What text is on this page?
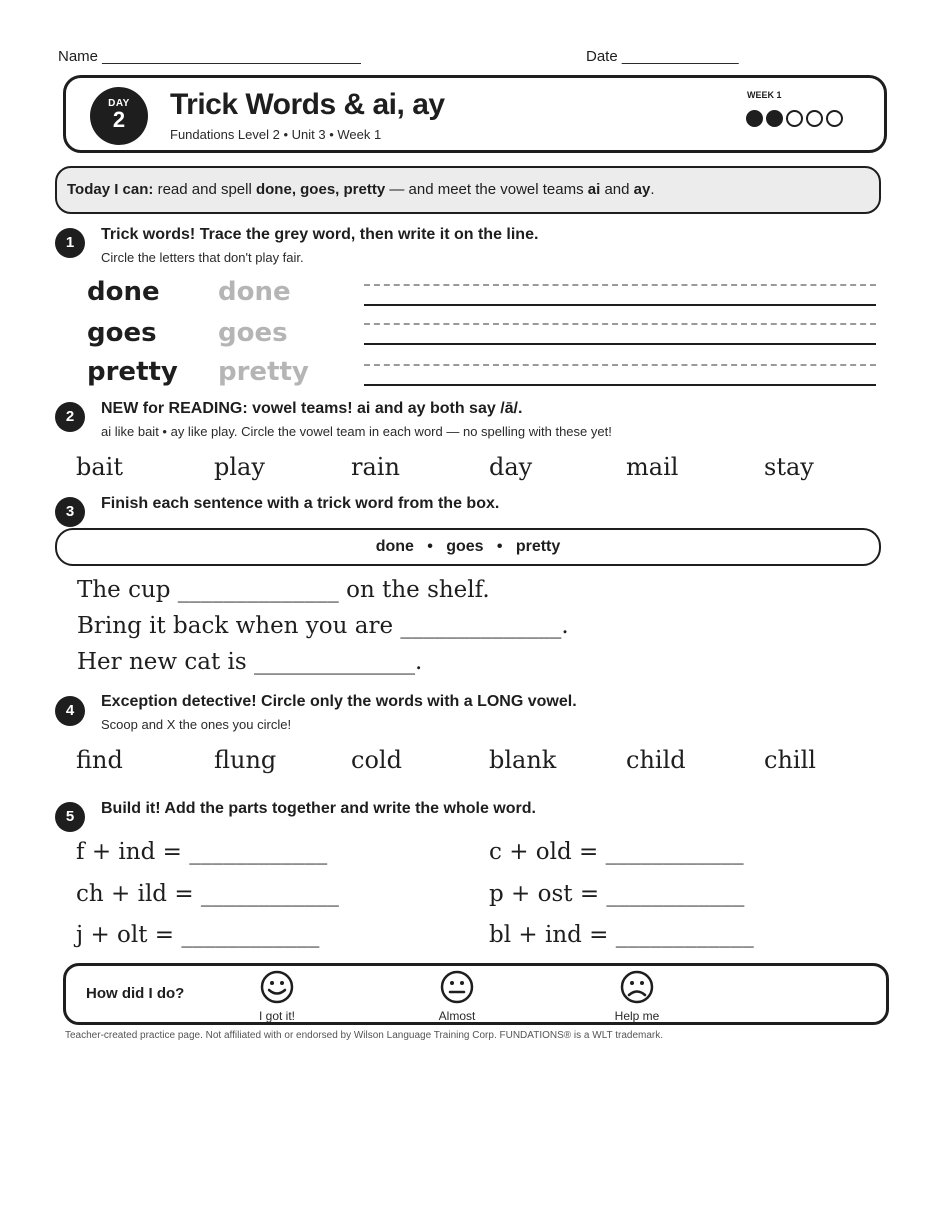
Name _______________________________	Date ______________
DAY
2	Trick Words & ai, ay
Fundations Level 2 • Unit 3 • Week 1
WEEK 1
Today I can: read and spell done, goes, pretty — and meet the vowel teams ai and ay.
1	Trick words! Trace the grey word, then write it on the line.
Circle the letters that don't play fair.
done done
goes goes
pretty pretty
2	NEW for READING: vowel teams! ai and ay both say /ā/.
ai like bait • ay like play. Circle the vowel team in each word — no spelling with these yet!
bait	play	rain	day	mail	stay
3	Finish each sentence with a trick word from the box.
done   •   goes   •   pretty
The cup ______________ on the shelf.
Bring it back when you are ______________.
Her new cat is ______________.
4
Exception detective! Circle only the words with a LONG vowel.
Scoop and X the ones you circle!
find	flung	cold	blank	child	chill
5	Build it! Add the parts together and write the whole word.
f + ind = ____________
ch + ild = ____________
j + olt = ____________
c + old = ____________
p + ost = ____________
bl + ind = ____________
How did I do?
I got it!	Almost	Help me
Teacher-created practice page. Not affiliated with or endorsed by Wilson Language Training Corp. FUNDATIONS® is a WLT trademark.
